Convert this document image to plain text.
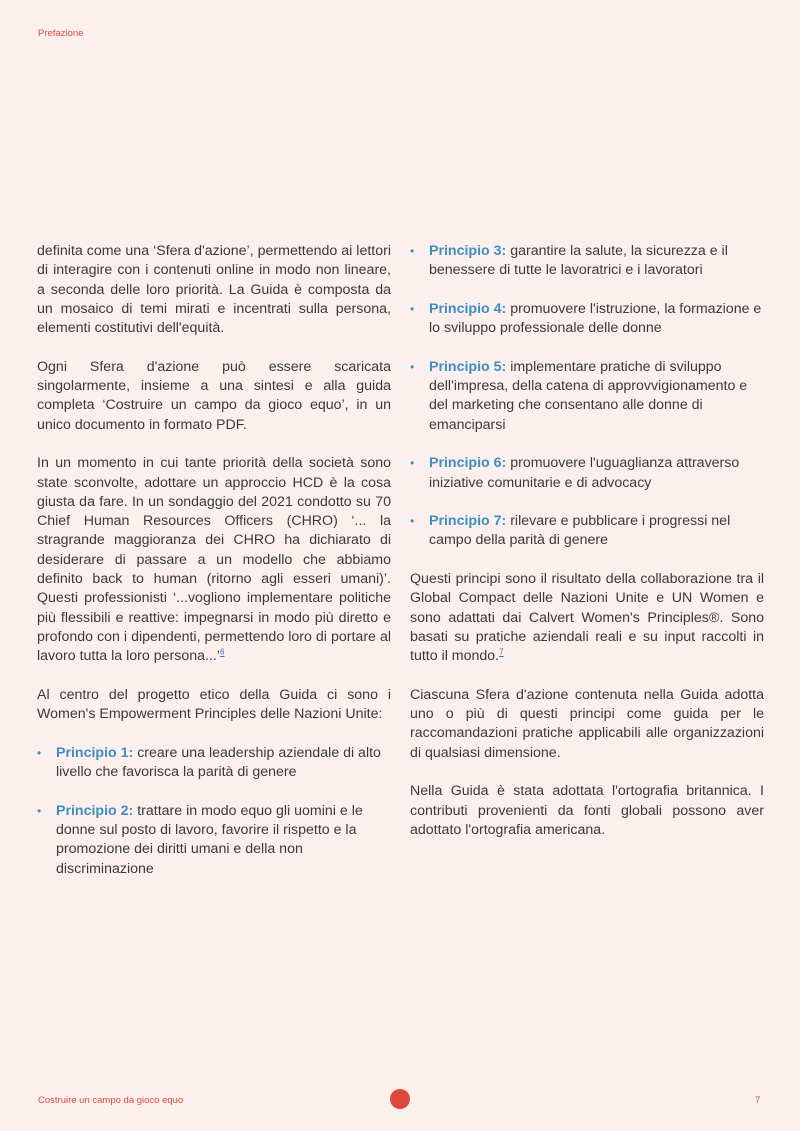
Prefazione

definita come una ‘Sfera d'azione’, permettendo ai lettori di interagire con i contenuti online in modo non lineare, a seconda delle loro priorità. La Guida è composta da un mosaico di temi mirati e incentrati sulla persona, elementi costitutivi dell'equità.

Ogni Sfera d'azione può essere scaricata singolarmente, insieme a una sintesi e alla guida completa ‘Costruire un campo da gioco equo’, in un unico documento in formato PDF.

In un momento in cui tante priorità della società sono state sconvolte, adottare un approccio HCD è la cosa giusta da fare. In un sondaggio del 2021 condotto su 70 Chief Human Resources Officers (CHRO) ‘... la stragrande maggioranza dei CHRO ha dichiarato di desiderare di passare a un modello che abbiamo definito back to human (ritorno agli esseri umani)’. Questi professionisti ‘...vogliono implementare politiche più flessibili e reattive: impegnarsi in modo più diretto e profondo con i dipendenti, permettendo loro di portare al lavoro tutta la loro persona...’$^6$

Al centro del progetto etico della Guida ci sono i Women's Empowerment Principles delle Nazioni Unite:

• Principio 1: creare una leadership aziendale di alto livello che favorisca la parità di genere
• Principio 2: trattare in modo equo gli uomini e le donne sul posto di lavoro, favorire il rispetto e la promozione dei diritti umani e della non discriminazione
• Principio 3: garantire la salute, la sicurezza e il benessere di tutte le lavoratrici e i lavoratori
• Principio 4: promuovere l'istruzione, la formazione e lo sviluppo professionale delle donne
• Principio 5: implementare pratiche di sviluppo dell'impresa, della catena di approvvigionamento e del marketing che consentano alle donne di emanciparsi
• Principio 6: promuovere l'uguaglianza attraverso iniziative comunitarie e di advocacy
• Principio 7: rilevare e pubblicare i progressi nel campo della parità di genere

Questi principi sono il risultato della collaborazione tra il Global Compact delle Nazioni Unite e UN Women e sono adattati dai Calvert Women's Principles®. Sono basati su pratiche aziendali reali e su input raccolti in tutto il mondo.$^7$

Ciascuna Sfera d'azione contenuta nella Guida adotta uno o più di questi principi come guida per le raccomandazioni pratiche applicabili alle organizzazioni di qualsiasi dimensione.

Nella Guida è stata adottata l'ortografia britannica. I contributi provenienti da fonti globali possono aver adottato l'ortografia americana.

Costruire un campo da gioco equo	7
